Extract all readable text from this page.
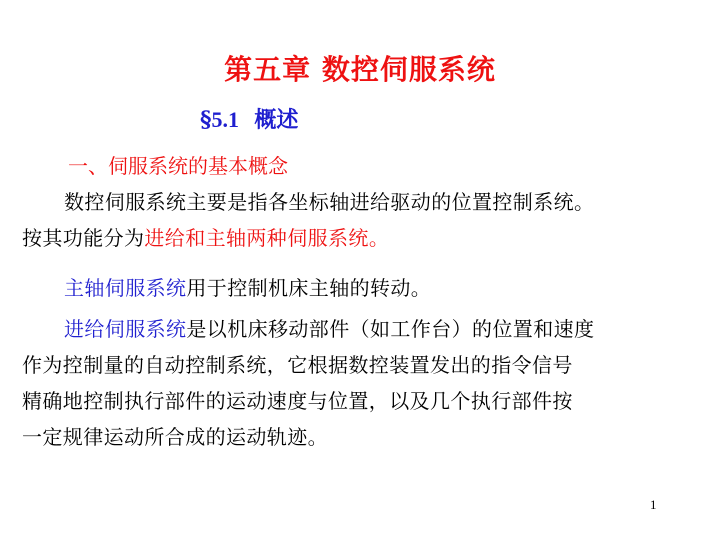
第五章 数控伺服系统
§5.1 概述
一、伺服系统的基本概念
数控伺服系统主要是指各坐标轴进给驱动的位置控制系统。
按其功能分为进给和主轴两种伺服系统。
主轴伺服系统用于控制机床主轴的转动。
进给伺服系统是以机床移动部件（如工作台）的位置和速度
作为控制量的自动控制系统，它根据数控装置发出的指令信号
精确地控制执行部件的运动速度与位置，以及几个执行部件按
一定规律运动所合成的运动轨迹。
1
